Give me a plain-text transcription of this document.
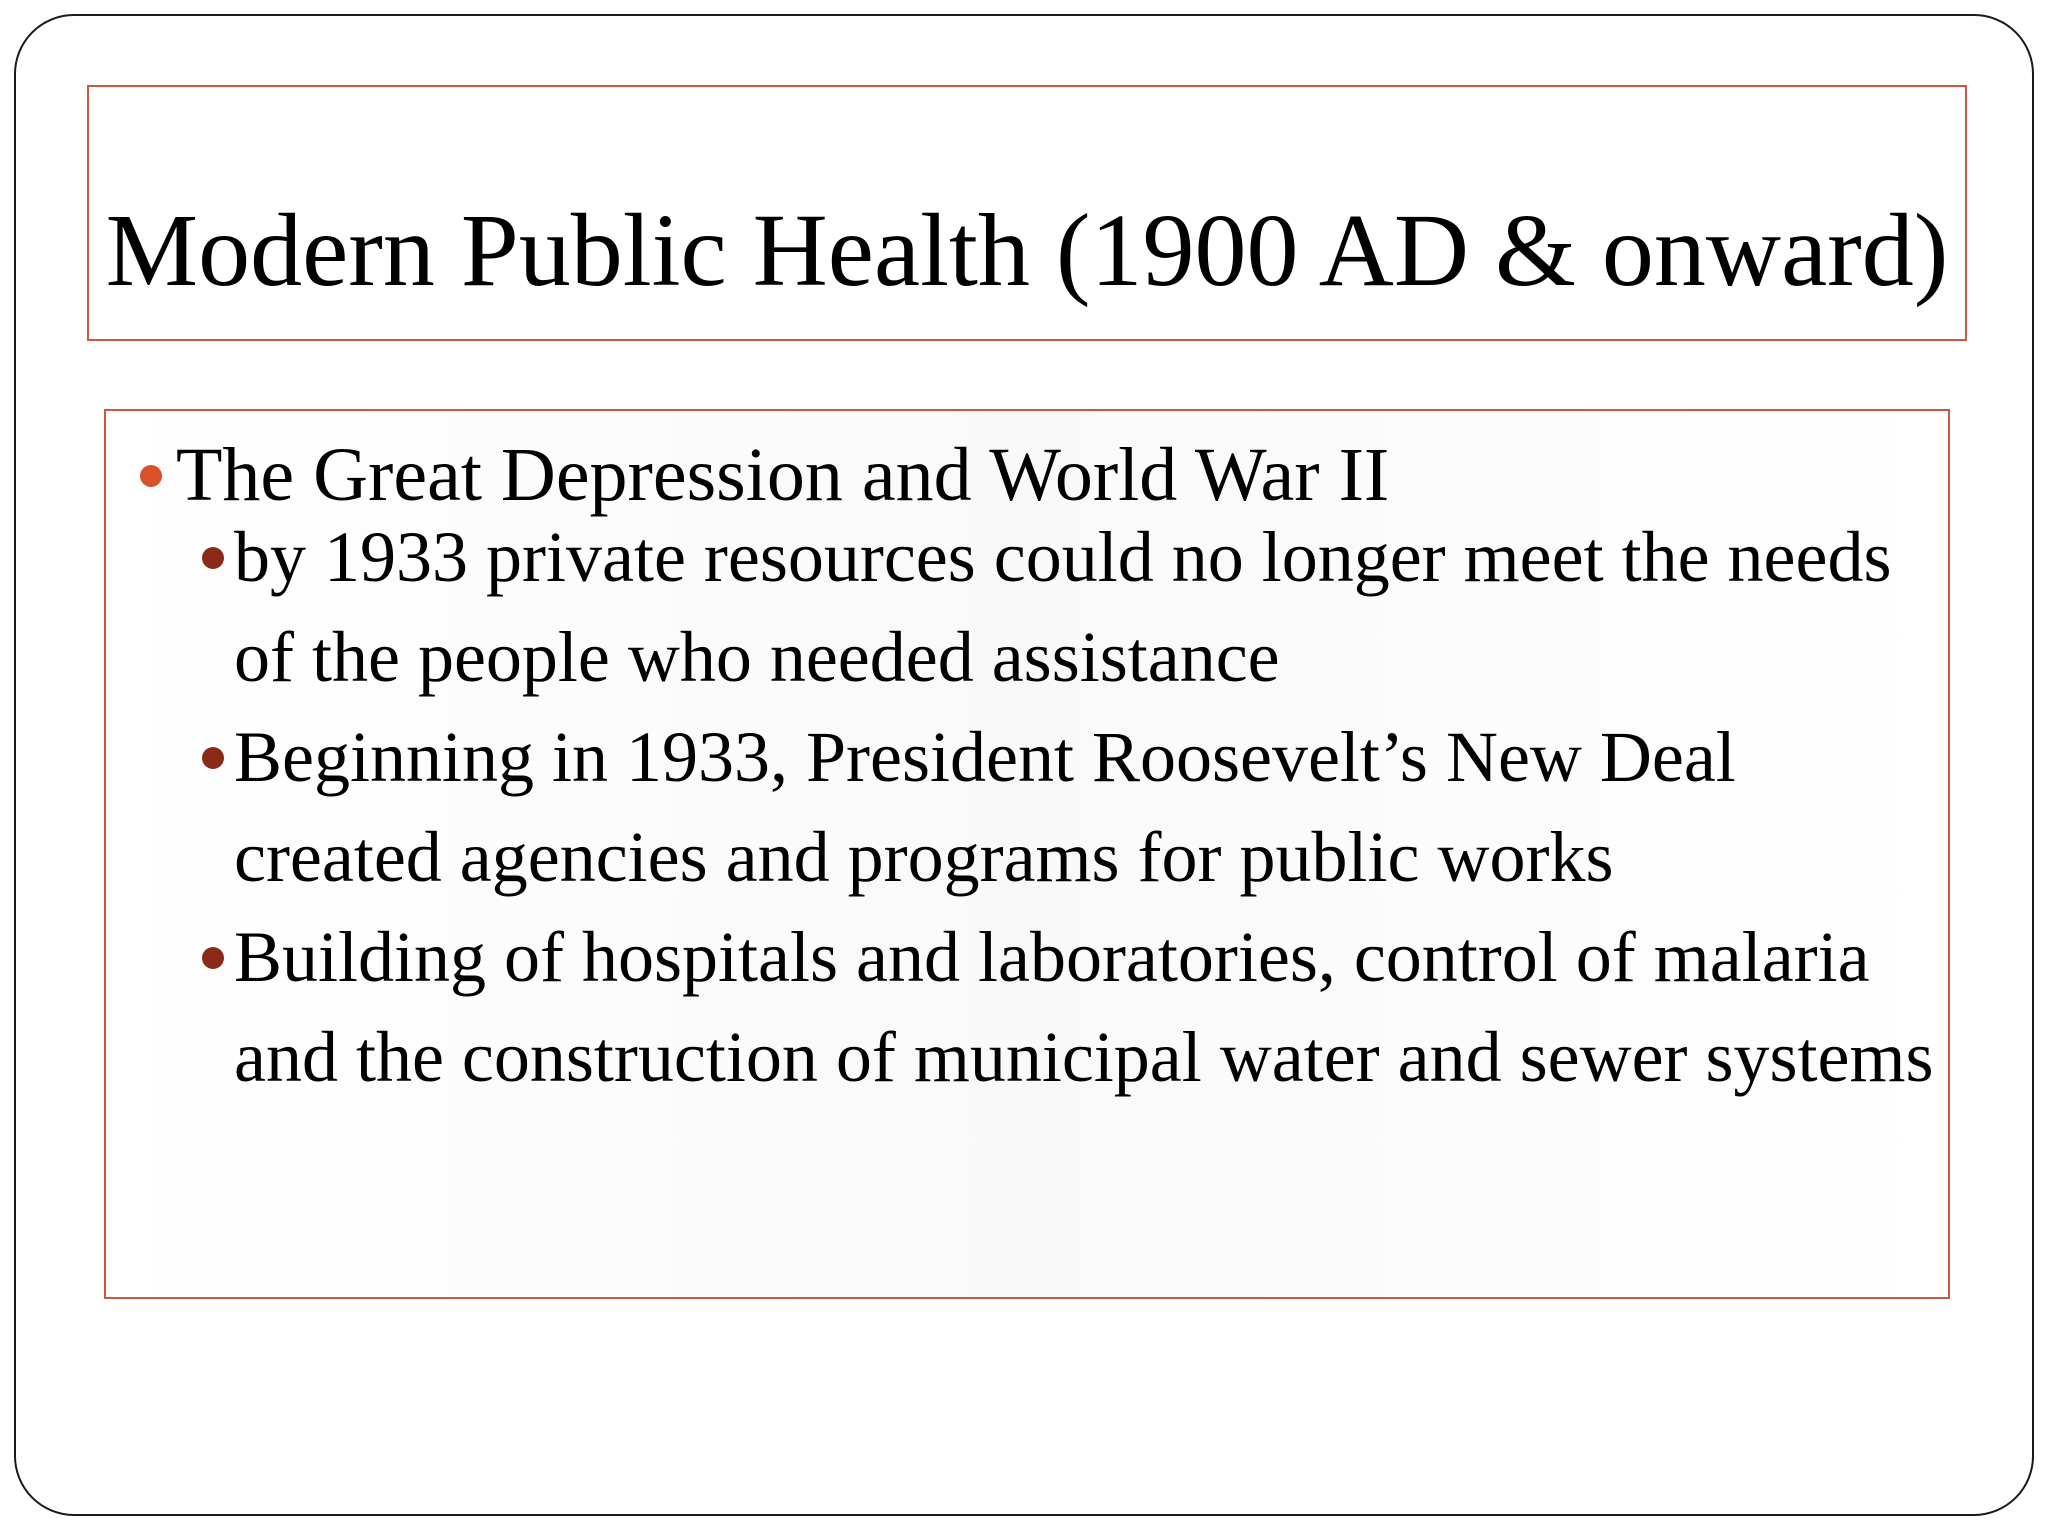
Modern Public Health (1900 AD & onward)
The Great Depression and World War II
by 1933 private resources could no longer meet the needs of the people who needed assistance
Beginning in 1933, President Roosevelt’s New Deal created agencies and programs for public works
Building of hospitals and laboratories, control of malaria and the construction of municipal water and sewer systems
